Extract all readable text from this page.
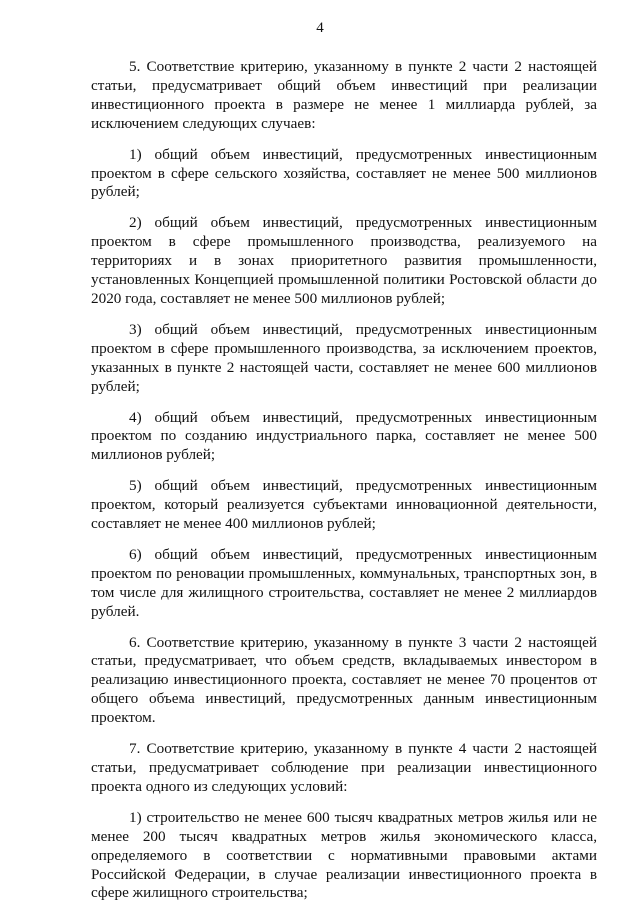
4

5. Соответствие критерию, указанному в пункте 2 части 2 настоящей статьи, предусматривает общий объем инвестиций при реализации инвестиционного проекта в размере не менее 1 миллиарда рублей, за исключением следующих случаев:

1) общий объем инвестиций, предусмотренных инвестиционным проектом в сфере сельского хозяйства, составляет не менее 500 миллионов рублей;

2) общий объем инвестиций, предусмотренных инвестиционным проектом в сфере промышленного производства, реализуемого на территориях и в зонах приоритетного развития промышленности, установленных Концепцией промышленной политики Ростовской области до 2020 года, составляет не менее 500 миллионов рублей;

3) общий объем инвестиций, предусмотренных инвестиционным проектом в сфере промышленного производства, за исключением проектов, указанных в пункте 2 настоящей части, составляет не менее 600 миллионов рублей;

4) общий объем инвестиций, предусмотренных инвестиционным проектом по созданию индустриального парка, составляет не менее 500 миллионов рублей;

5) общий объем инвестиций, предусмотренных инвестиционным проектом, который реализуется субъектами инновационной деятельности, составляет не менее 400 миллионов рублей;

6) общий объем инвестиций, предусмотренных инвестиционным проектом по реновации промышленных, коммунальных, транспортных зон, в том числе для жилищного строительства, составляет не менее 2 миллиардов рублей.

6. Соответствие критерию, указанному в пункте 3 части 2 настоящей статьи, предусматривает, что объем средств, вкладываемых инвестором в реализацию инвестиционного проекта, составляет не менее 70 процентов от общего объема инвестиций, предусмотренных данным инвестиционным проектом.

7. Соответствие критерию, указанному в пункте 4 части 2 настоящей статьи, предусматривает соблюдение при реализации инвестиционного проекта одного из следующих условий:

1) строительство не менее 600 тысяч квадратных метров жилья или не менее 200 тысяч квадратных метров жилья экономического класса, определяемого в соответствии с нормативными правовыми актами Российской Федерации, в случае реализации инвестиционного проекта в сфере жилищного строительства;
